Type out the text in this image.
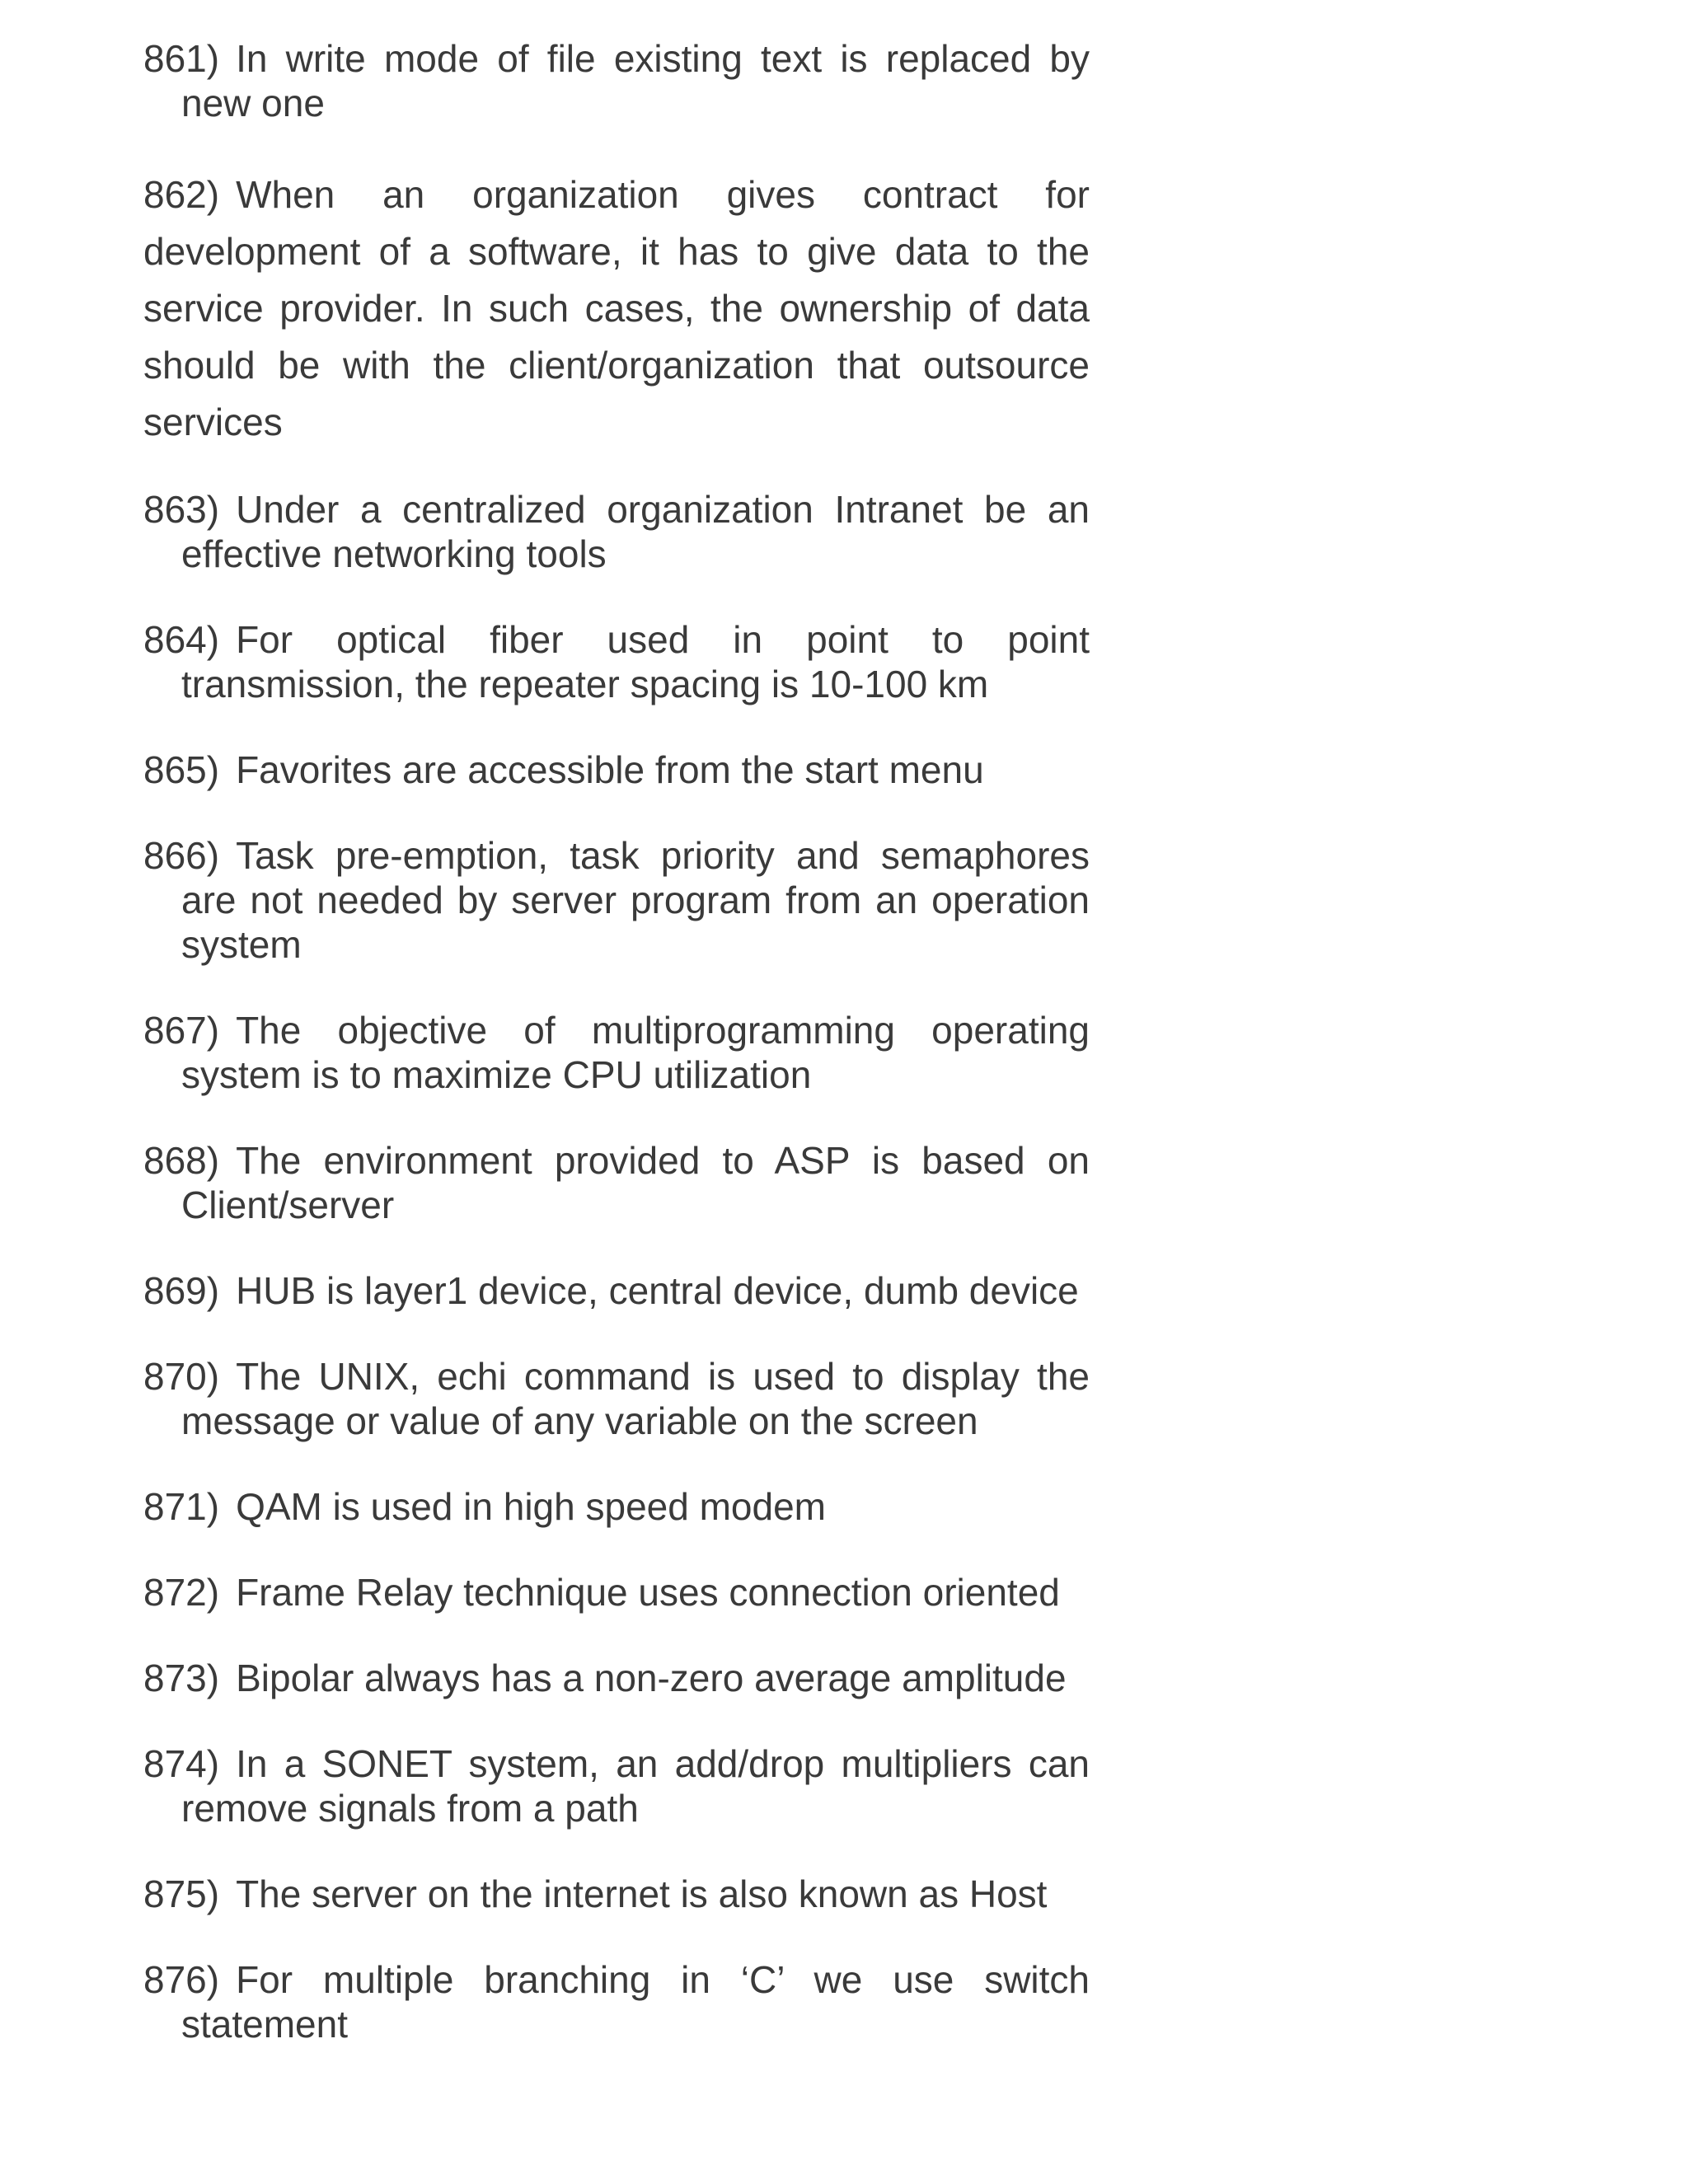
861) In write mode of file existing text is replaced by new one

862) When an organization gives contract for development of a software, it has to give data to the service provider. In such cases, the ownership of data should be with the client/organization that outsource services

863) Under a centralized organization Intranet be an effective networking tools

864) For optical fiber used in point to point transmission, the repeater spacing is 10-100 km

865) Favorites are accessible from the start menu

866) Task pre-emption, task priority and semaphores are not needed by server program from an operation system

867) The objective of multiprogramming operating system is to maximize CPU utilization

868) The environment provided to ASP is based on Client/server

869) HUB is layer1 device, central device, dumb device

870) The UNIX, echi command is used to display the message or value of any variable on the screen

871) QAM is used in high speed modem

872) Frame Relay technique uses connection oriented

873) Bipolar always has a non-zero average amplitude

874) In a SONET system, an add/drop multipliers can remove signals from a path

875) The server on the internet is also known as Host

876) For multiple branching in ‘C’ we use switch statement
